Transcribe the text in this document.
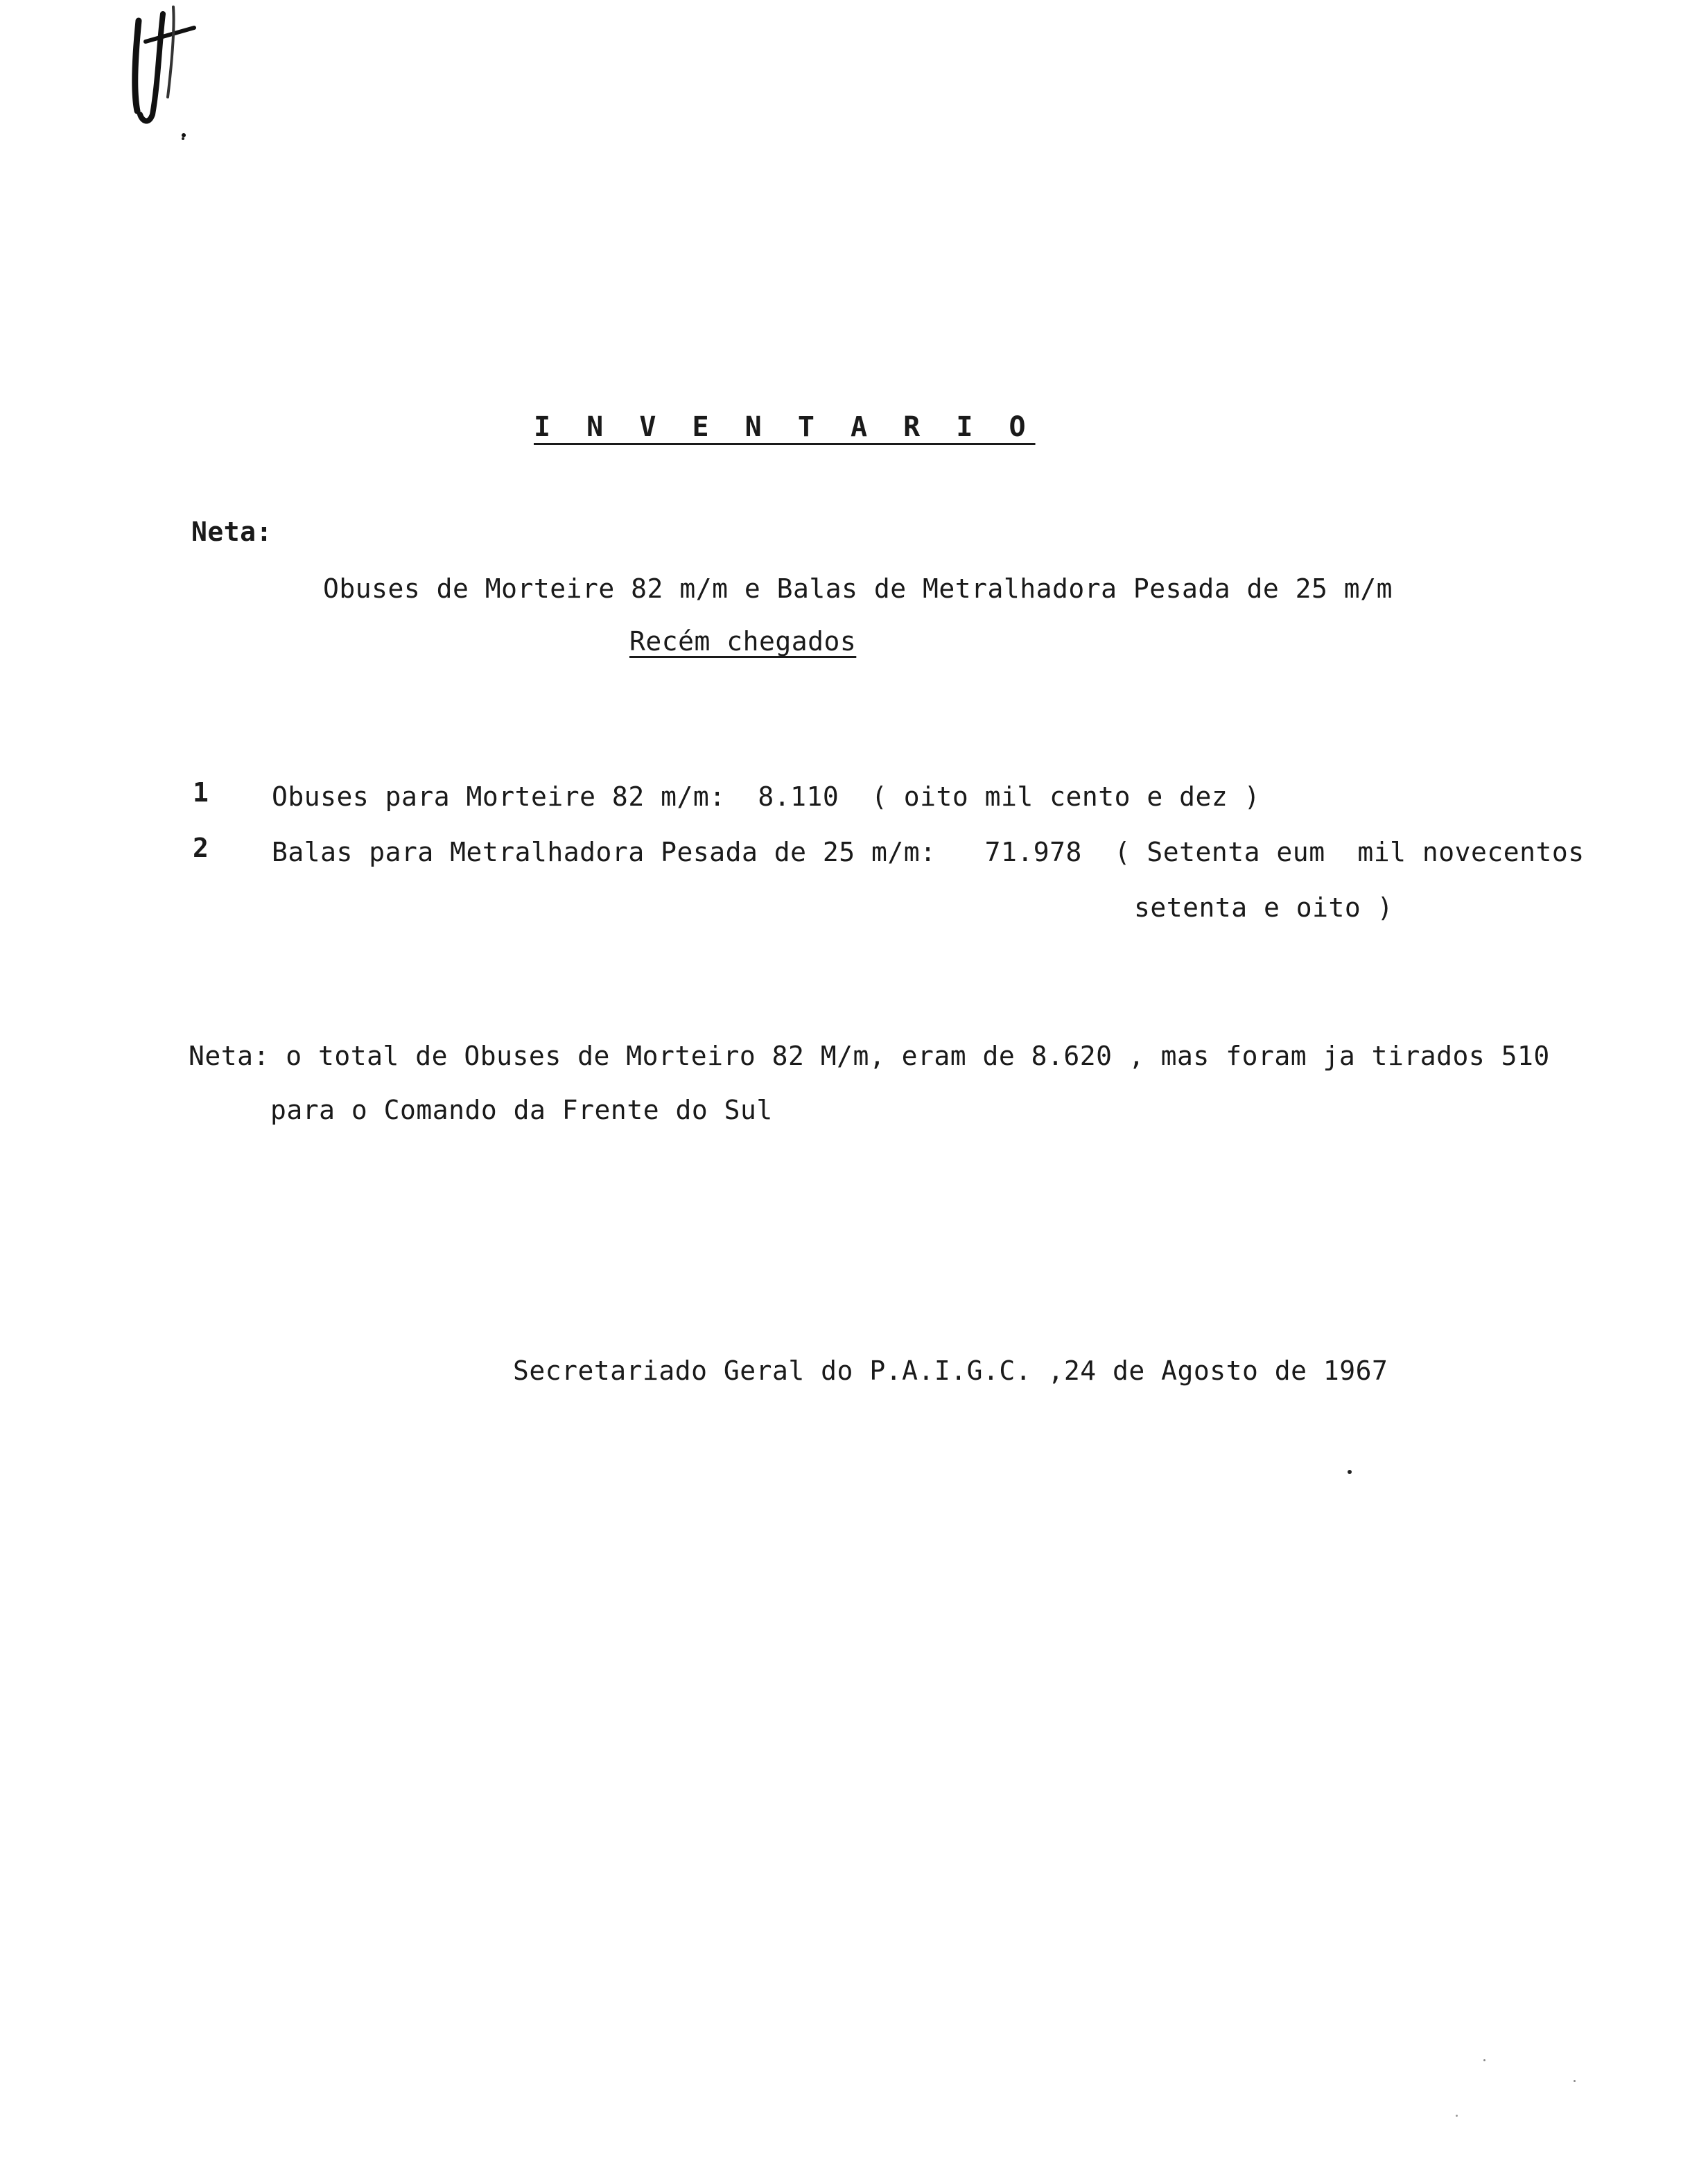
I N V E N T A R I O
Neta:
Obuses de Morteire 82 m/m e Balas de Metralhadora Pesada de 25 m/m
Recém chegados
1 Obuses para Morteire 82 m/m:  8.110  ( oito mil cento e dez )
2 Balas para Metralhadora Pesada de 25 m/m:   71.978  ( Setenta eum  mil novecentos
setenta e oito )
Neta: o total de Obuses de Morteiro 82 M/m, eram de 8.620 , mas foram ja tirados 510
para o Comando da Frente do Sul
Secretariado Geral do P.A.I.G.C. ,24 de Agosto de 1967
